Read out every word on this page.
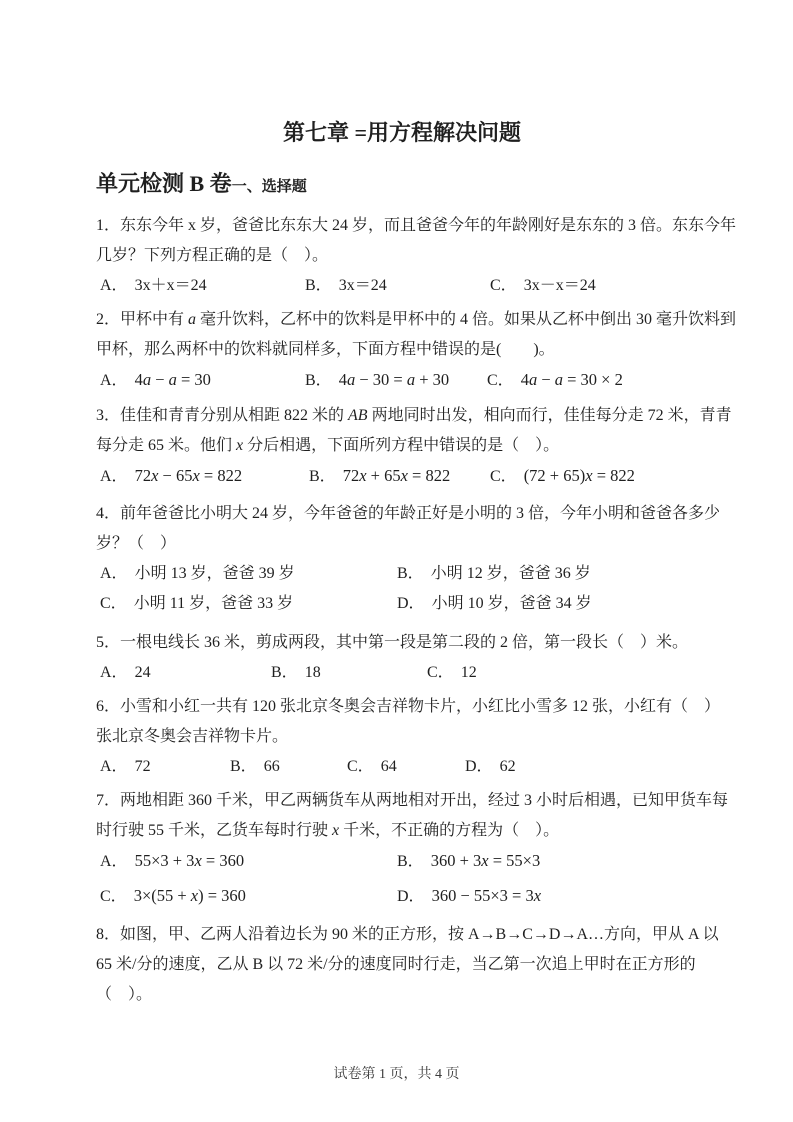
第七章 =用方程解决问题
单元检测 B 卷一、选择题

1．东东今年 x 岁，爸爸比东东大 24 岁，而且爸爸今年的年龄刚好是东东的 3 倍。东东今年

几岁？下列方程正确的是（　）。

A． 3x＋x＝24	B． 3x＝24	C． 3x－x＝24

2．甲杯中有 a 毫升饮料，乙杯中的饮料是甲杯中的 4 倍。如果从乙杯中倒出 30 毫升饮料到

甲杯，那么两杯中的饮料就同样多，下面方程中错误的是(        )。

A． 4a − a = 30	B． 4a − 30 = a + 30 C． 4a − a = 30 × 2

3．佳佳和青青分别从相距 822 米的 AB 两地同时出发，相向而行，佳佳每分走 72 米，青青

每分走 65 米。他们 x 分后相遇，下面所列方程中错误的是（　）。

A． 72x − 65x = 822	B． 72x + 65x = 822 C． (72 + 65)x = 822

4．前年爸爸比小明大 24 岁，今年爸爸的年龄正好是小明的 3 倍，今年小明和爸爸各多少

岁？（　）

A． 小明 13 岁，爸爸 39 岁	B． 小明 12 岁，爸爸 36 岁
C． 小明 11 岁，爸爸 33 岁	D． 小明 10 岁，爸爸 34 岁

5．一根电线长 36 米，剪成两段，其中第一段是第二段的 2 倍，第一段长（　）米。

A． 24	B． 18	C． 12

6．小雪和小红一共有 120 张北京冬奥会吉祥物卡片，小红比小雪多 12 张，小红有（　）

张北京冬奥会吉祥物卡片。

A． 72	B． 66	C． 64	D． 62

7．两地相距 360 千米，甲乙两辆货车从两地相对开出，经过 3 小时后相遇，已知甲货车每

时行驶 55 千米，乙货车每时行驶 x 千米，不正确的方程为（　）。

A． 55×3 + 3x = 360	B． 360 + 3x = 55×3
C． 3×(55 + x) = 360	D． 360 − 55×3 = 3x

8．如图，甲、乙两人沿着边长为 90 米的正方形，按 A→B→C→D→A…方向，甲从 A 以

65 米/分的速度，乙从 B 以 72 米/分的速度同时行走，当乙第一次追上甲时在正方形的

（　）。

试卷第 1 页，共 4 页
